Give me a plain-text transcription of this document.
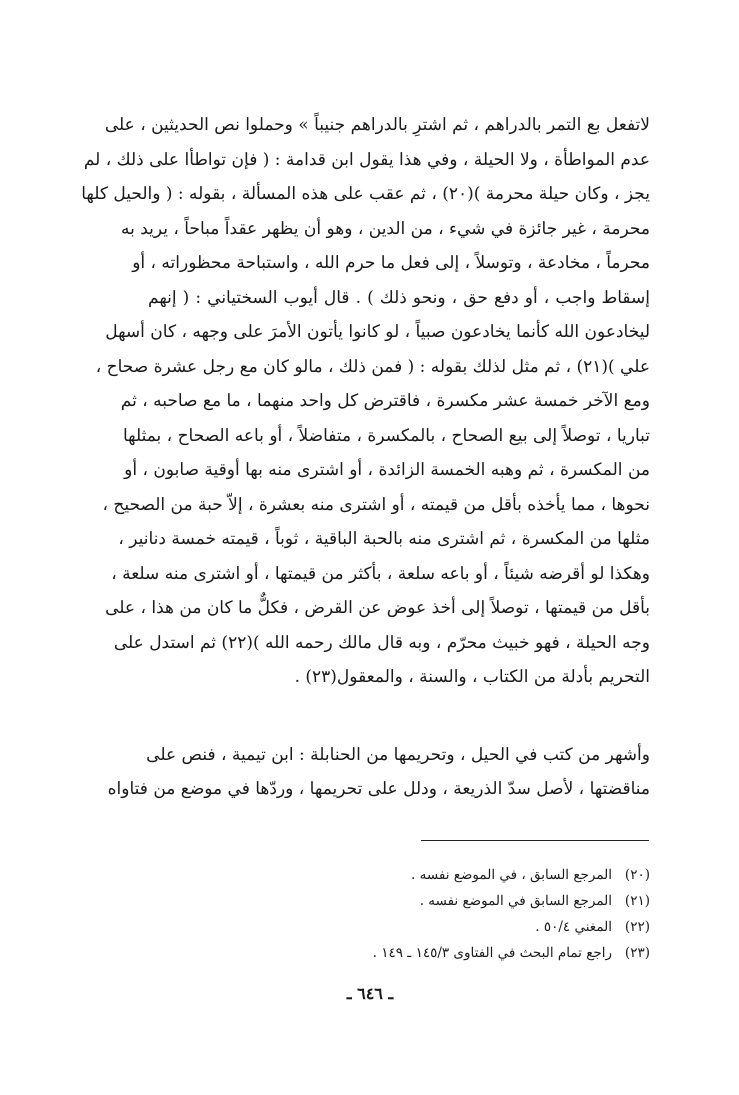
لاتفعل بع التمر بالدراهم ، ثم اشترِ بالدراهم جنيباً » وحملوا نص الحديثين ، على
عدم المواطأة ، ولا الحيلة ، وفي هذا يقول ابن قدامة : ( فإن تواطأا على ذلك ، لم
يجز ، وكان حيلة محرمة )(٢٠) ، ثم عقب على هذه المسألة ، بقوله : ( والحيل كلها
محرمة ، غير جائزة في شيء ، من الدين ، وهو أن يظهر عقداً مباحاً ، يريد به
محرماً ، مخادعة ، وتوسلاً ، إلى فعل ما حرم الله ، واستباحة محظوراته ، أو
إسقاط واجب ، أو دفع حق ، ونحو ذلك ) . قال أيوب السختياني : ( إنهم
ليخادعون الله كأنما يخادعون صبياً ، لو كانوا يأتون الأمرَ على وجهه ، كان أسهل
علي )(٢١) ، ثم مثل لذلك بقوله : ( فمن ذلك ، مالو كان مع رجل عشرة صحاح ،
ومع الآخر خمسة عشر مكسرة ، فاقترض كل واحد منهما ، ما مع صاحبه ، ثم
تباريا ، توصلاً إلى بيع الصحاح ، بالمكسرة ، متفاضلاً ، أو باعه الصحاح ، بمثلها
من المكسرة ، ثم وهبه الخمسة الزائدة ، أو اشترى منه بها أوقية صابون ، أو
نحوها ، مما يأخذه بأقل من قيمته ، أو اشترى منه بعشرة ، إلاّ حبة من الصحيح ،
مثلها من المكسرة ، ثم اشترى منه بالحبة الباقية ، ثوباً ، قيمته خمسة دنانير ،
وهكذا لو أقرضه شيئاً ، أو باعه سلعة ، بأكثر من قيمتها ، أو اشترى منه سلعة ،
بأقل من قيمتها ، توصلاً إلى أخذ عوض عن القرض ، فكلٌّ ما كان من هذا ، على
وجه الحيلة ، فهو خبيث محرّم ، وبه قال مالك رحمه الله )(٢٢) ثم استدل على
التحريم بأدلة من الكتاب ، والسنة ، والمعقول(٢٣) .
وأشهر من كتب في الحيل ، وتحريمها من الحنابلة : ابن تيمية ، فنص على
مناقضتها ، لأصل سدّ الذريعة ، ودلل على تحريمها ، وردّها في موضع من فتاواه
(٢٠)
المرجع السابق ، في الموضع نفسه .
(٢١)
المرجع السابق في الموضع نفسه .
(٢٢)
المغني ٥٠/٤ .
(٢٣)
راجع تمام البحث في الفتاوى ١٤٥/٣ ـ ١٤٩ .
ـ ٦٤٦ ـ
